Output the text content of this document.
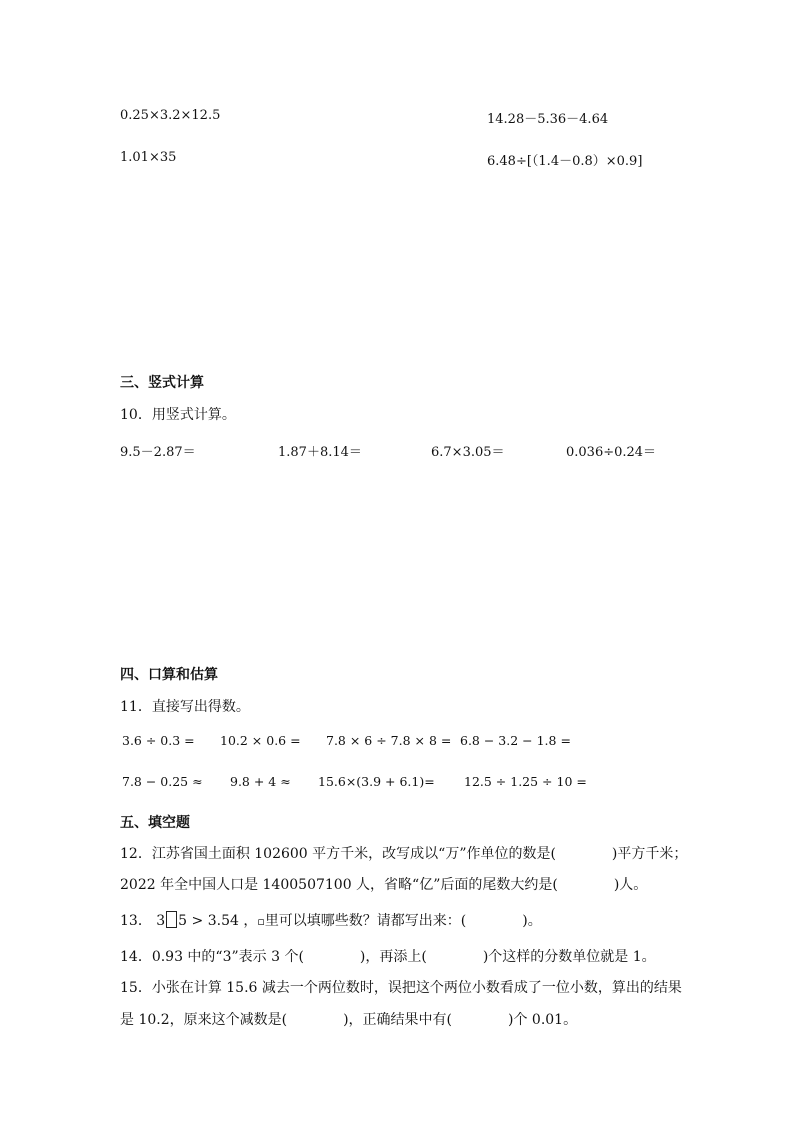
0.25×3.2×12.5	14.28－5.36－4.64
1.01×35	6.48÷[（1.4－0.8）×0.9]
三、竖式计算
10．用竖式计算。
9.5－2.87＝	1.87＋8.14＝	6.7×3.05＝	0.036÷0.24＝
四、口算和估算
11．直接写出得数。
3.6 ÷ 0.3 = 10.2 × 0.6 = 7.8 × 6 ÷ 7.8 × 8 = 6.8 − 3.2 − 1.8 =
7.8 − 0.25 ≈ 9.8 + 4 ≈ 15.6×(3.9 + 6.1)= 12.5 ÷ 1.25 ÷ 10 =
五、填空题
12．江苏省国土面积 102600 平方千米，改写成以“万”作单位的数是(　　　　)平方千米；
2022 年全中国人口是 1400507100 人，省略“亿”后面的尾数大约是(　　　　)人。
13． 3 5 > 3.54 ，▫里可以填哪些数？请都写出来：(　　　　)。
14．0.93 中的“3”表示 3 个(　　　　)，再添上(　　　　)个这样的分数单位就是 1。
15．小张在计算 15.6 减去一个两位数时，误把这个两位小数看成了一位小数，算出的结果
是 10.2，原来这个减数是(　　　　)，正确结果中有(　　　　)个 0.01。
